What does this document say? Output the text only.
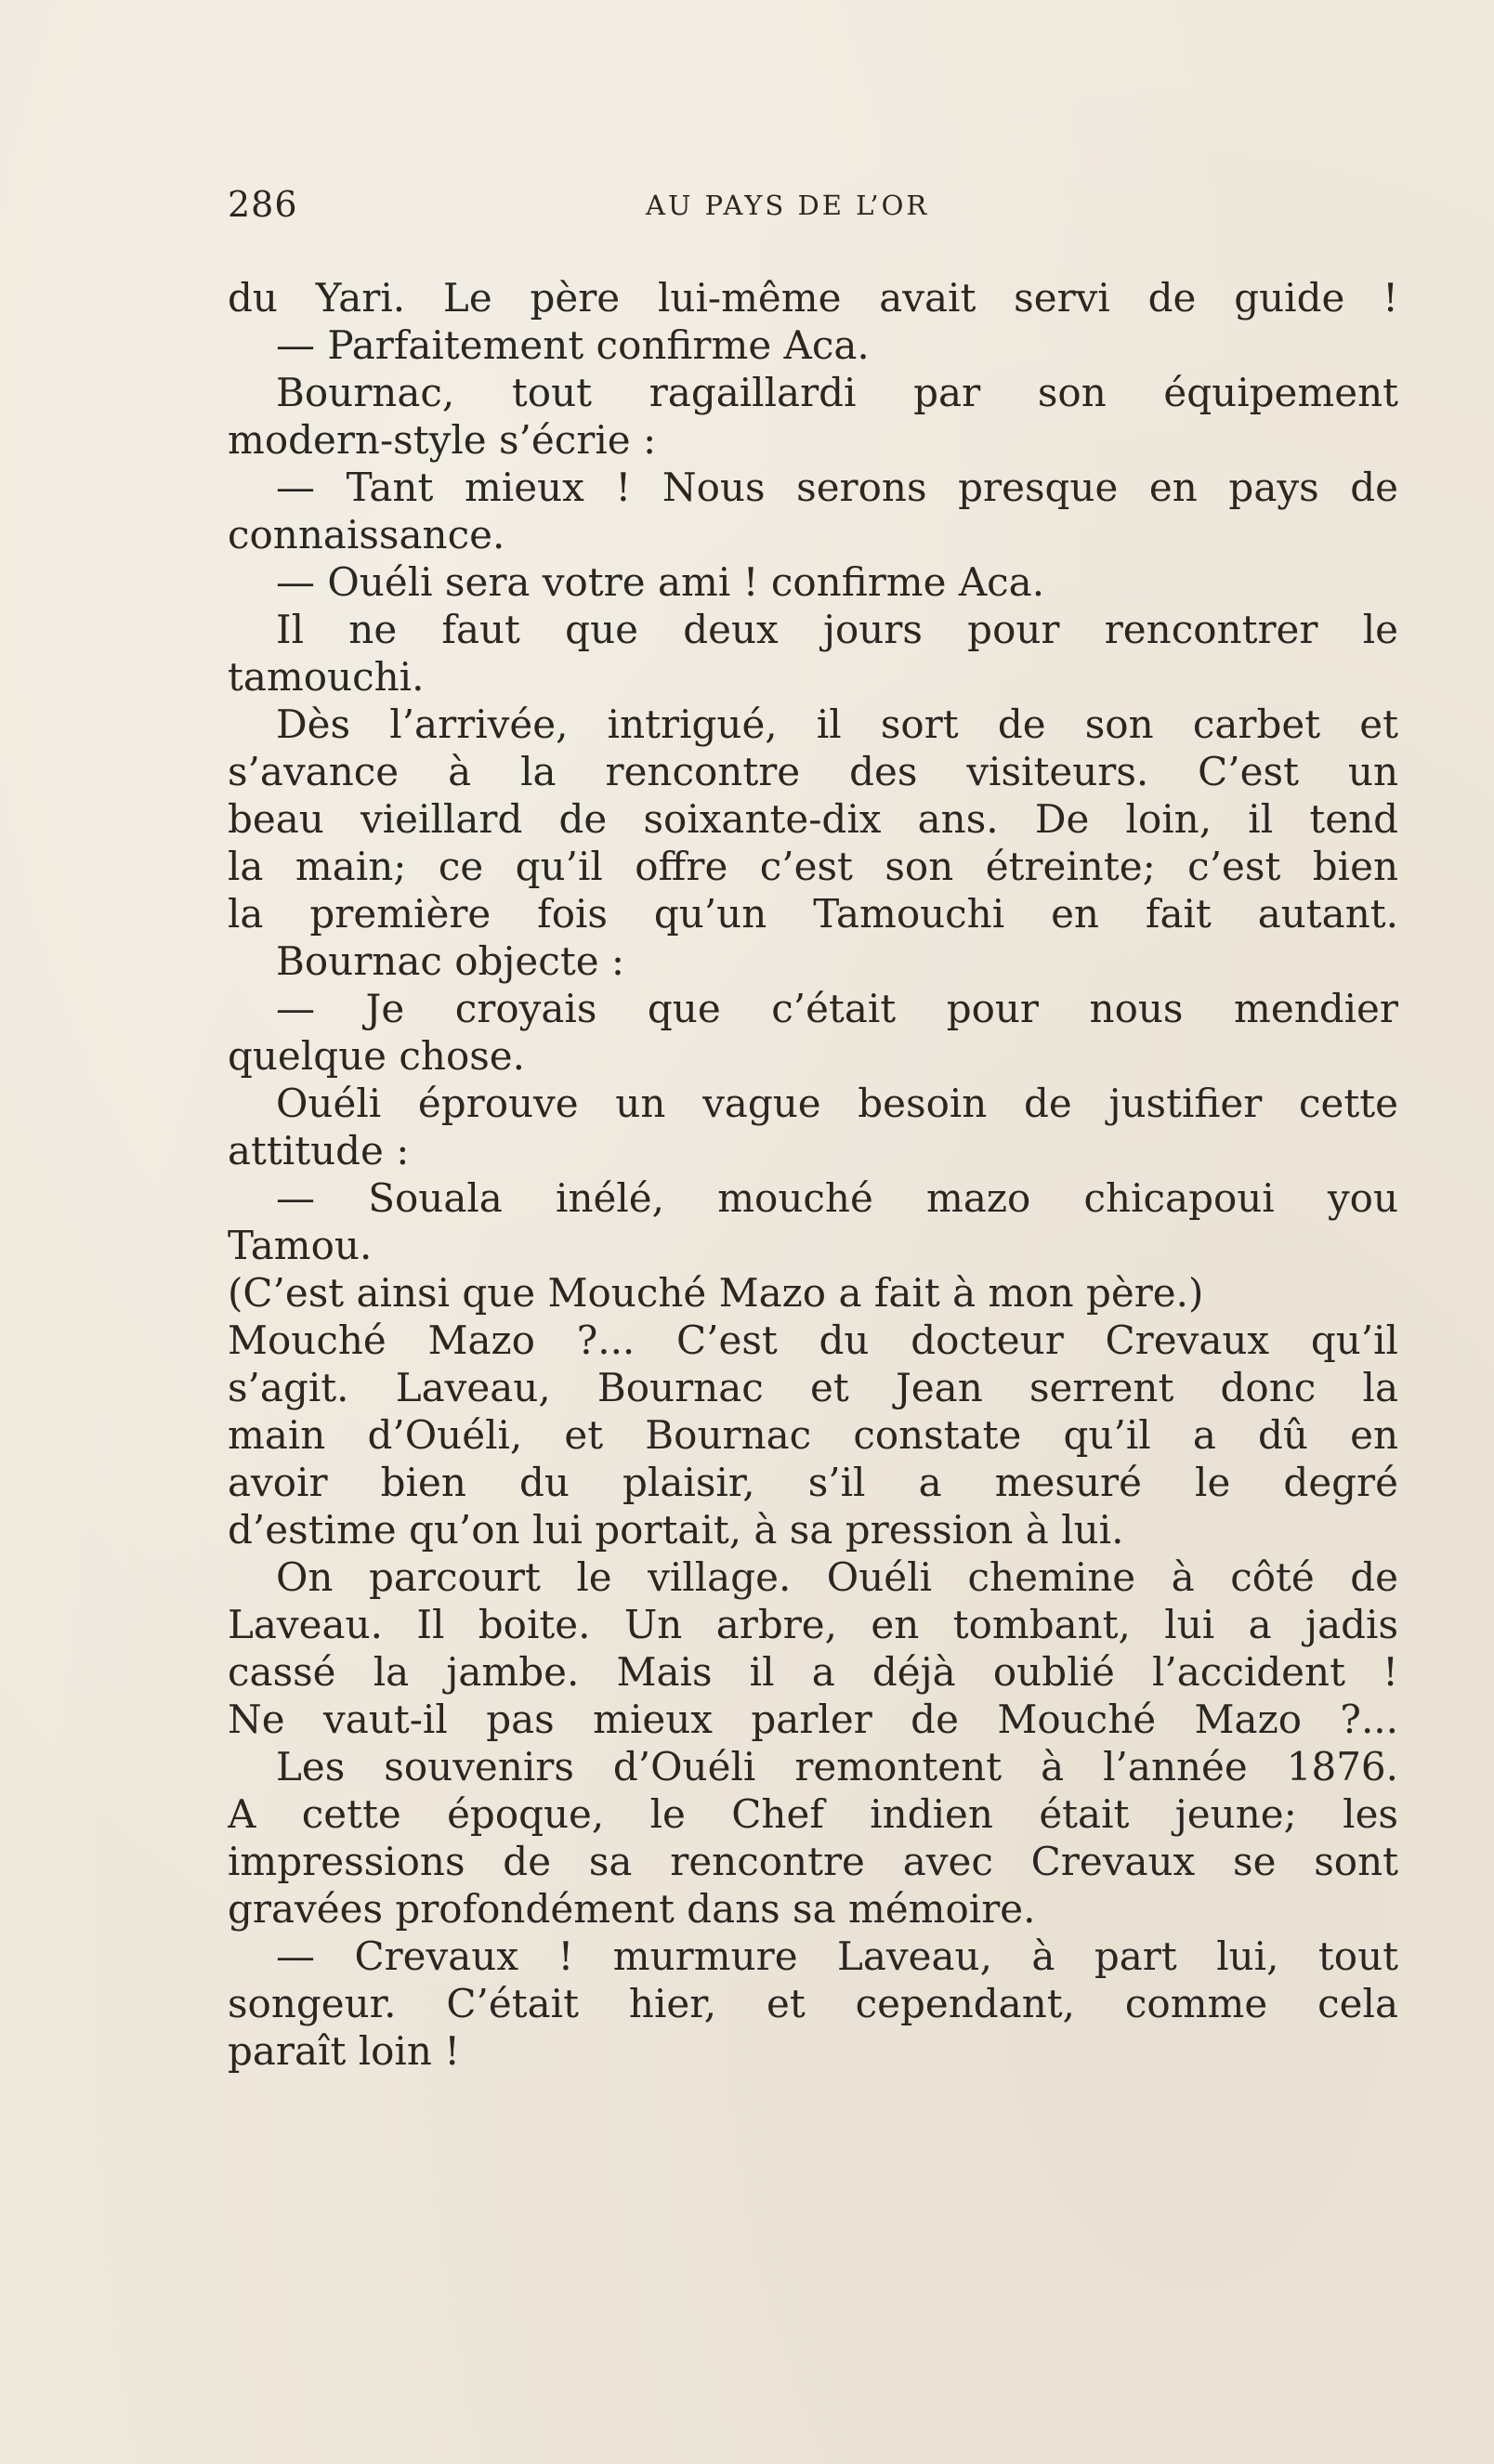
286	AU PAYS DE L’OR
du Yari. Le père lui-même avait servi de guide !
— Parfaitement confirme Aca.
Bournac, tout ragaillardi par son équipement
modern-style s’écrie :
— Tant mieux ! Nous serons presque en pays de
connaissance.
— Ouéli sera votre ami ! confirme Aca.
Il ne faut que deux jours pour rencontrer le
tamouchi.
Dès l’arrivée, intrigué, il sort de son carbet et
s’avance à la rencontre des visiteurs. C’est un
beau vieillard de soixante-dix ans. De loin, il tend
la main; ce qu’il offre c’est son étreinte; c’est bien
la première fois qu’un Tamouchi en fait autant.
Bournac objecte :
— Je croyais que c’était pour nous mendier
quelque chose.
Ouéli éprouve un vague besoin de justifier cette
attitude :
— Souala inélé, mouché mazo chicapoui you
Tamou.
(C’est ainsi que Mouché Mazo a fait à mon père.)
Mouché Mazo ?... C’est du docteur Crevaux qu’il
s’agit. Laveau, Bournac et Jean serrent donc la
main d’Ouéli, et Bournac constate qu’il a dû en
avoir bien du plaisir, s’il a mesuré le degré
d’estime qu’on lui portait, à sa pression à lui.
On parcourt le village. Ouéli chemine à côté de
Laveau. Il boite. Un arbre, en tombant, lui a jadis
cassé la jambe. Mais il a déjà oublié l’accident !
Ne vaut-il pas mieux parler de Mouché Mazo ?...
Les souvenirs d’Ouéli remontent à l’année 1876.
A cette époque, le Chef indien était jeune; les
impressions de sa rencontre avec Crevaux se sont
gravées profondément dans sa mémoire.
— Crevaux ! murmure Laveau, à part lui, tout
songeur. C’était hier, et cependant, comme cela
paraît loin !
